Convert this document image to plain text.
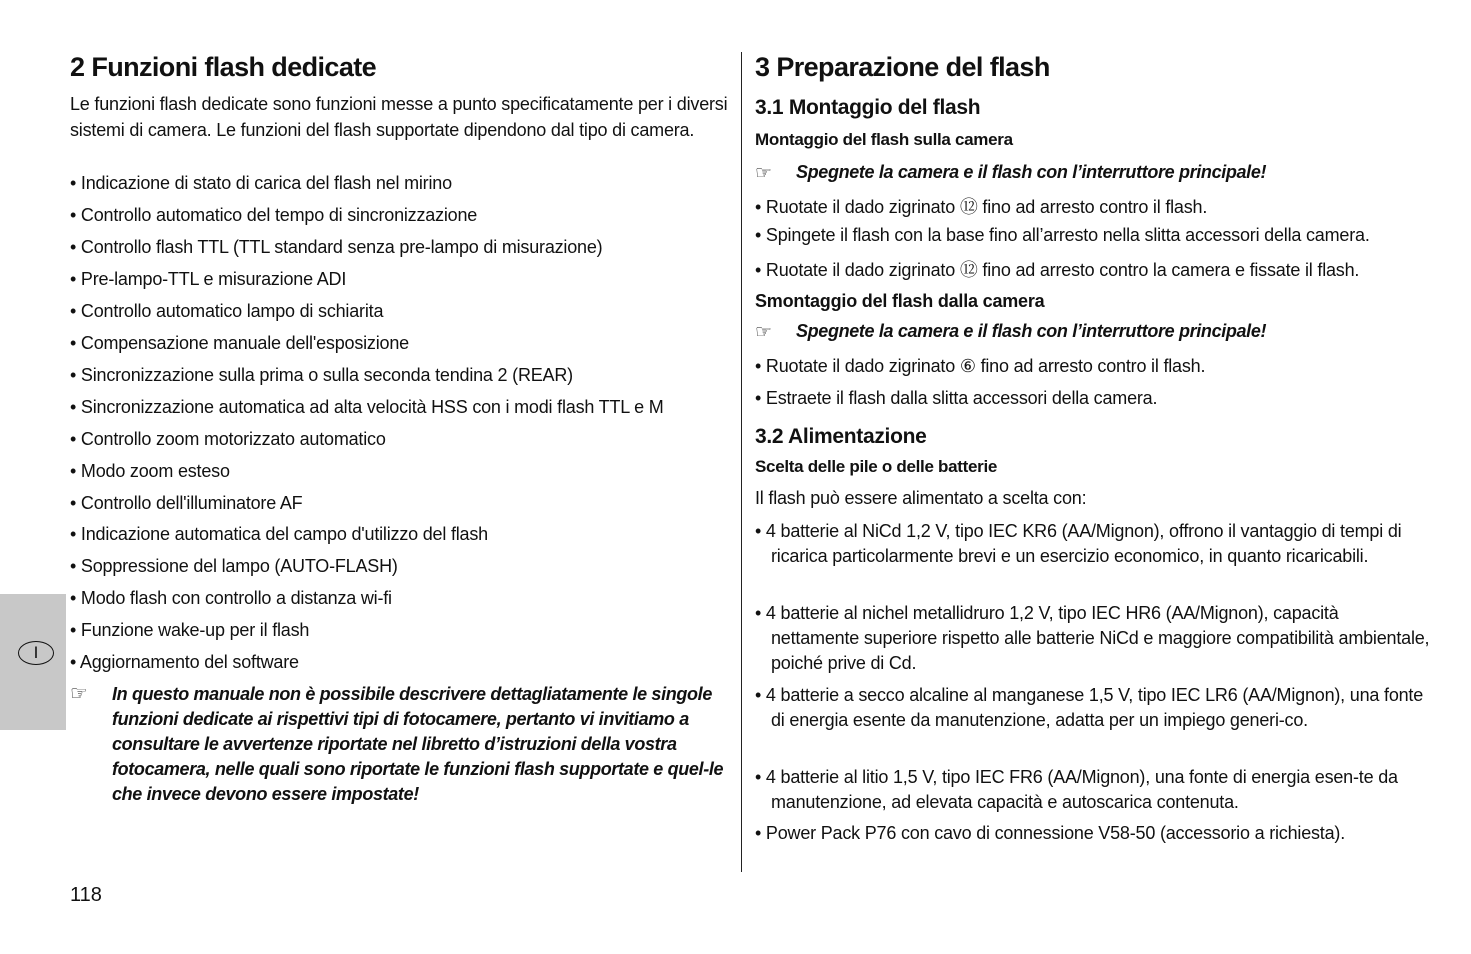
2 Funzioni flash dedicate

Le funzioni flash dedicate sono funzioni messe a punto specificatamente per i diversi sistemi di camera. Le funzioni del flash supportate dipendono dal tipo di camera.

• Indicazione di stato di carica del flash nel mirino
• Controllo automatico del tempo di sincronizzazione
• Controllo flash TTL (TTL standard senza pre-lampo di misurazione)
• Pre-lampo-TTL e misurazione ADI
• Controllo automatico lampo di schiarita
• Compensazione manuale dell'esposizione
• Sincronizzazione sulla prima o sulla seconda tendina 2 (REAR)
• Sincronizzazione automatica ad alta velocità HSS con i modi flash TTL e M
• Controllo zoom motorizzato automatico
• Modo zoom esteso
• Controllo dell'illuminatore AF
• Indicazione automatica del campo d'utilizzo del flash
• Soppressione del lampo (AUTO-FLASH)
• Modo flash con controllo a distanza wi-fi
• Funzione wake-up per il flash
• Aggiornamento del software
☞ In questo manuale non è possibile descrivere dettagliatamente le singole funzioni dedicate ai rispettivi tipi di fotocamere, pertanto vi invitiamo a consultare le avvertenze riportate nel libretto d’istruzioni della vostra fotocamera, nelle quali sono riportate le funzioni flash supportate e quel-le che invece devono essere impostate!
3 Preparazione del flash
3.1 Montaggio del flash
Montaggio del flash sulla camera
☞ Spegnete la camera e il flash con l’interruttore principale!
• Ruotate il dado zigrinato ⑫ fino ad arresto contro il flash.
• Spingete il flash con la base fino all’arresto nella slitta accessori della camera.
• Ruotate il dado zigrinato ⑫ fino ad arresto contro la camera e fissate il flash.
Smontaggio del flash dalla camera
☞ Spegnete la camera e il flash con l’interruttore principale!
• Ruotate il dado zigrinato ⑥ fino ad arresto contro il flash.
• Estraete il flash dalla slitta accessori della camera.
3.2 Alimentazione
Scelta delle pile o delle batterie

Il flash può essere alimentato a scelta con:

• 4 batterie al NiCd 1,2 V, tipo IEC KR6 (AA/Mignon), offrono il vantaggio di tempi di ricarica particolarmente brevi e un esercizio economico, in quanto ricaricabili.
• 4 batterie al nichel metallidruro 1,2 V, tipo IEC HR6 (AA/Mignon), capacità nettamente superiore rispetto alle batterie NiCd e maggiore compatibilità ambientale, poiché prive di Cd.
• 4 batterie a secco alcaline al manganese 1,5 V, tipo IEC LR6 (AA/Mignon), una fonte di energia esente da manutenzione, adatta per un impiego generi-co.
• 4 batterie al litio 1,5 V, tipo IEC FR6 (AA/Mignon), una fonte di energia esen-te da manutenzione, ad elevata capacità e autoscarica contenuta.
• Power Pack P76 con cavo di connessione V58-50 (accessorio a richiesta).
I
118
